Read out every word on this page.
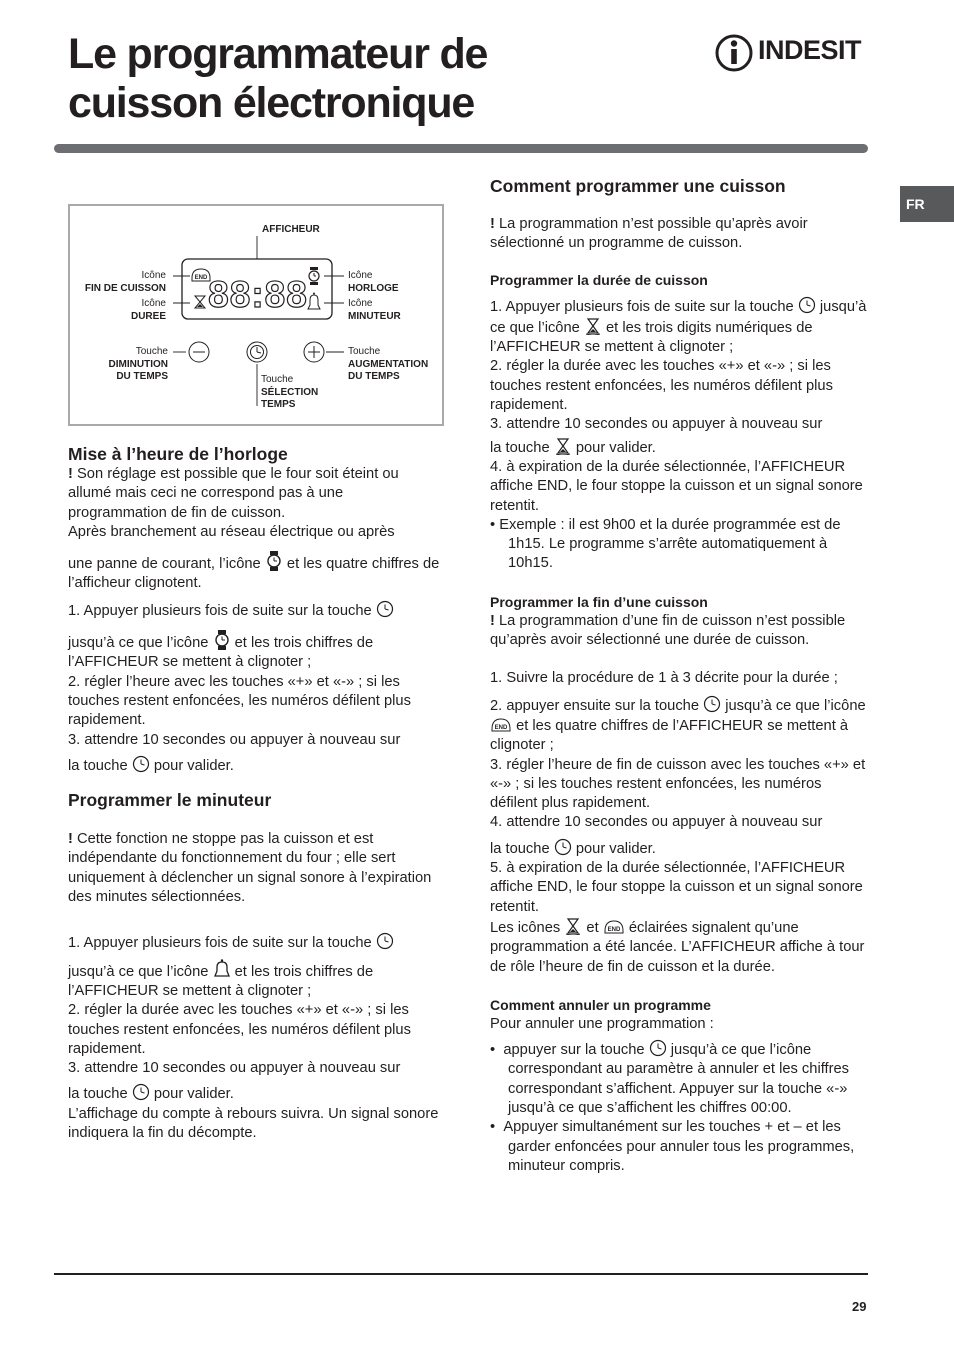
Le programmateur de
cuisson électronique
INDESIT
FR
END 88:88
AFFICHEUR
Icône
FIN DE CUISSON
Icône
DUREE
Icône
HORLOGE
Icône
MINUTEUR
Touche
DIMINUTION
DU TEMPS
Touche
AUGMENTATION
DU TEMPS
Touche
SÉLECTION
TEMPS

Mise à l’heure de l’horloge

! Son réglage est possible que le four soit éteint ou allumé mais ceci ne correspond pas à une programmation de fin de cuisson.

Après branchement au réseau électrique ou après

une panne de courant, l’icône et les quatre chiffres de l’afficheur clignotent.

1. Appuyer plusieurs fois de suite sur la touche

jusqu’à ce que l’icône et les trois chiffres de l’AFFICHEUR se mettent à clignoter ;

2. régler l’heure avec les touches «+» et «-» ; si les touches restent enfoncées, les numéros défilent plus rapidement.

3. attendre 10 secondes ou appuyer à nouveau sur

la touche pour valider.

Programmer le minuteur

! Cette fonction ne stoppe pas la cuisson et est indépendante du fonctionnement du four ; elle sert uniquement à déclencher un signal sonore à l’expiration des minutes sélectionnées.

1. Appuyer plusieurs fois de suite sur la touche

jusqu’à ce que l’icône et les trois chiffres de l’AFFICHEUR se mettent à clignoter ;

2. régler la durée avec les touches «+» et «-» ; si les touches restent enfoncées, les numéros défilent plus rapidement.

3. attendre 10 secondes ou appuyer à nouveau sur

la touche pour valider.

L’affichage du compte à rebours suivra. Un signal sonore indiquera la fin du décompte.

Comment programmer une cuisson

! La programmation n’est possible qu’après avoir sélectionné un programme de cuisson.

Programmer la durée de cuisson

1. Appuyer plusieurs fois de suite sur la touche jusqu’à ce que l’icône et les trois digits numériques de l’AFFICHEUR se mettent à clignoter ;

2. régler la durée avec les touches «+» et «-» ; si les touches restent enfoncées, les numéros défilent plus rapidement.

3. attendre 10 secondes ou appuyer à nouveau sur

la touche pour valider.

4. à expiration de la durée sélectionnée, l’AFFICHEUR affiche END, le four stoppe la cuisson et un signal sonore retentit.

• Exemple : il est 9h00 et la durée programmée est de 1h15. Le programme s’arrête automatiquement à 10h15.

Programmer la fin d’une cuisson

! La programmation d’une fin de cuisson n’est possible qu’après avoir sélectionné une durée de cuisson.

1. Suivre la procédure de 1 à 3 décrite pour la durée ;

2. appuyer ensuite sur la touche jusqu’à ce que l’icône
END et les quatre chiffres de l’AFFICHEUR se mettent à clignoter ;

3. régler l’heure de fin de cuisson avec les touches «+» et «-» ; si les touches restent enfoncées, les numéros défilent plus rapidement.

4. attendre 10 secondes ou appuyer à nouveau sur

la touche pour valider.

5. à expiration de la durée sélectionnée, l’AFFICHEUR affiche END, le four stoppe la cuisson et un signal sonore retentit.

Les icônes et END éclairées signalent qu’une programmation a été lancée. L’AFFICHEUR affiche à tour de rôle l’heure de fin de cuisson et la durée.

Comment annuler un programme

Pour annuler une programmation :

•  appuyer sur la touche jusqu’à ce que l’icône correspondant au paramètre à annuler et les chiffres correspondant s’affichent. Appuyer sur la touche «-» jusqu’à ce que s’affichent les chiffres 00:00.

•  Appuyer simultanément sur les touches + et – et les garder enfoncées pour annuler tous les programmes, minuteur compris.

29
